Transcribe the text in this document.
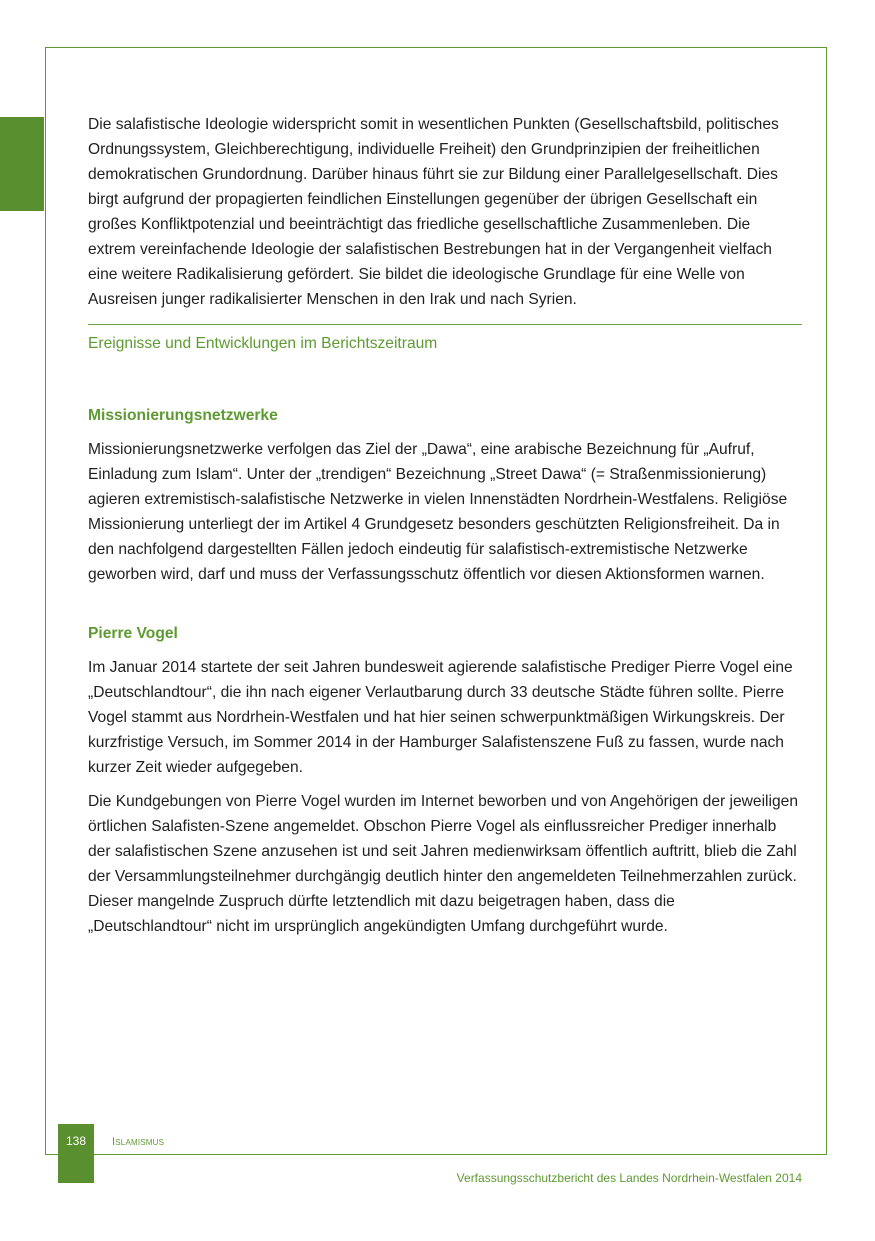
Die salafistische Ideologie widerspricht somit in wesentlichen Punkten (Gesellschaftsbild, politisches Ordnungssystem, Gleichberechtigung, individuelle Freiheit) den Grundprinzipien der freiheitlichen demokratischen Grundordnung. Darüber hinaus führt sie zur Bildung einer Parallelgesellschaft. Dies birgt aufgrund der propagierten feindlichen Einstellungen gegenüber der übrigen Gesellschaft ein großes Konfliktpotenzial und beeinträchtigt das friedliche gesellschaftliche Zusammenleben. Die extrem vereinfachende Ideologie der salafistischen Bestrebungen hat in der Vergangenheit vielfach eine weitere Radikalisierung gefördert. Sie bildet die ideologische Grundlage für eine Welle von Ausreisen junger radikalisierter Menschen in den Irak und nach Syrien.

Ereignisse und Entwicklungen im Berichtszeitraum
Missionierungsnetzwerke

Missionierungsnetzwerke verfolgen das Ziel der „Dawa“, eine arabische Bezeichnung für „Aufruf, Einladung zum Islam“. Unter der „trendigen“ Bezeichnung „Street Dawa“ (= Straßenmissionierung) agieren extremistisch-salafistische Netzwerke in vielen Innenstädten Nordrhein-Westfalens. Religiöse Missionierung unterliegt der im Artikel 4 Grundgesetz besonders geschützten Religionsfreiheit. Da in den nachfolgend dargestellten Fällen jedoch eindeutig für salafistisch-extremistische Netzwerke geworben wird, darf und muss der Verfassungsschutz öffentlich vor diesen Aktionsformen warnen.

Pierre Vogel

Im Januar 2014 startete der seit Jahren bundesweit agierende salafistische Prediger Pierre Vogel eine „Deutschlandtour“, die ihn nach eigener Verlautbarung durch 33 deutsche Städte führen sollte. Pierre Vogel stammt aus Nordrhein-Westfalen und hat hier seinen schwerpunktmäßigen Wirkungskreis. Der kurzfristige Versuch, im Sommer 2014 in der Hamburger Salafistenszene Fuß zu fassen, wurde nach kurzer Zeit wieder aufgegeben.

Die Kundgebungen von Pierre Vogel wurden im Internet beworben und von Angehörigen der jeweiligen örtlichen Salafisten-Szene angemeldet. Obschon Pierre Vogel als einflussreicher Prediger innerhalb der salafistischen Szene anzusehen ist und seit Jahren medienwirksam öffentlich auftritt, blieb die Zahl der Versammlungsteilnehmer durchgängig deutlich hinter den angemeldeten Teilnehmerzahlen zurück. Dieser mangelnde Zuspruch dürfte letztendlich mit dazu beigetragen haben, dass die „Deutschlandtour“ nicht im ursprünglich angekündigten Umfang durchgeführt wurde.

138	Islamismus
Verfassungsschutzbericht des Landes Nordrhein-Westfalen 2014
